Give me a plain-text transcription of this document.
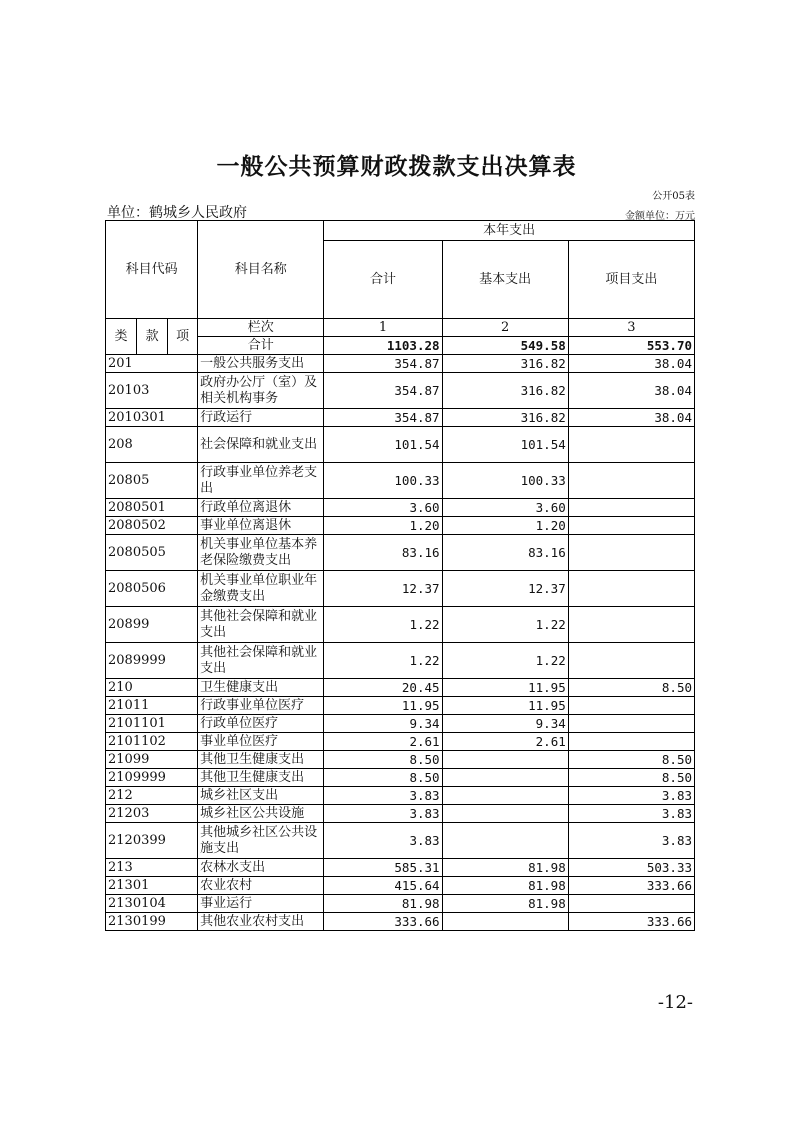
一般公共预算财政拨款支出决算表
公开05表
单位：鹤城乡人民政府	金额单位：万元
科目代码			科目名称	本年支出		
				合计	基本支出	项目支出
类	款	项	栏次	1	2	3
			合计	1103.28	549.58	553.70
201			一般公共服务支出	354.87	316.82	38.04
20103			政府办公厅（室）及相关机构事务	354.87	316.82	38.04
2010301			行政运行	354.87	316.82	38.04
208			社会保障和就业支出	101.54	101.54	
20805			行政事业单位养老支出	100.33	100.33	
2080501			行政单位离退休	3.60	3.60	
2080502			事业单位离退休	1.20	1.20	
2080505			机关事业单位基本养老保险缴费支出	83.16	83.16	
2080506			机关事业单位职业年金缴费支出	12.37	12.37	
20899			其他社会保障和就业支出	1.22	1.22	
2089999			其他社会保障和就业支出	1.22	1.22	
210			卫生健康支出	20.45	11.95	8.50
21011			行政事业单位医疗	11.95	11.95	
2101101			行政单位医疗	9.34	9.34	
2101102			事业单位医疗	2.61	2.61	
21099			其他卫生健康支出	8.50		8.50
2109999			其他卫生健康支出	8.50		8.50
212			城乡社区支出	3.83		3.83
21203			城乡社区公共设施	3.83		3.83
2120399			其他城乡社区公共设施支出	3.83		3.83
213			农林水支出	585.31	81.98	503.33
21301			农业农村	415.64	81.98	333.66
2130104			事业运行	81.98	81.98	
2130199			其他农业农村支出	333.66		333.66
-12-
